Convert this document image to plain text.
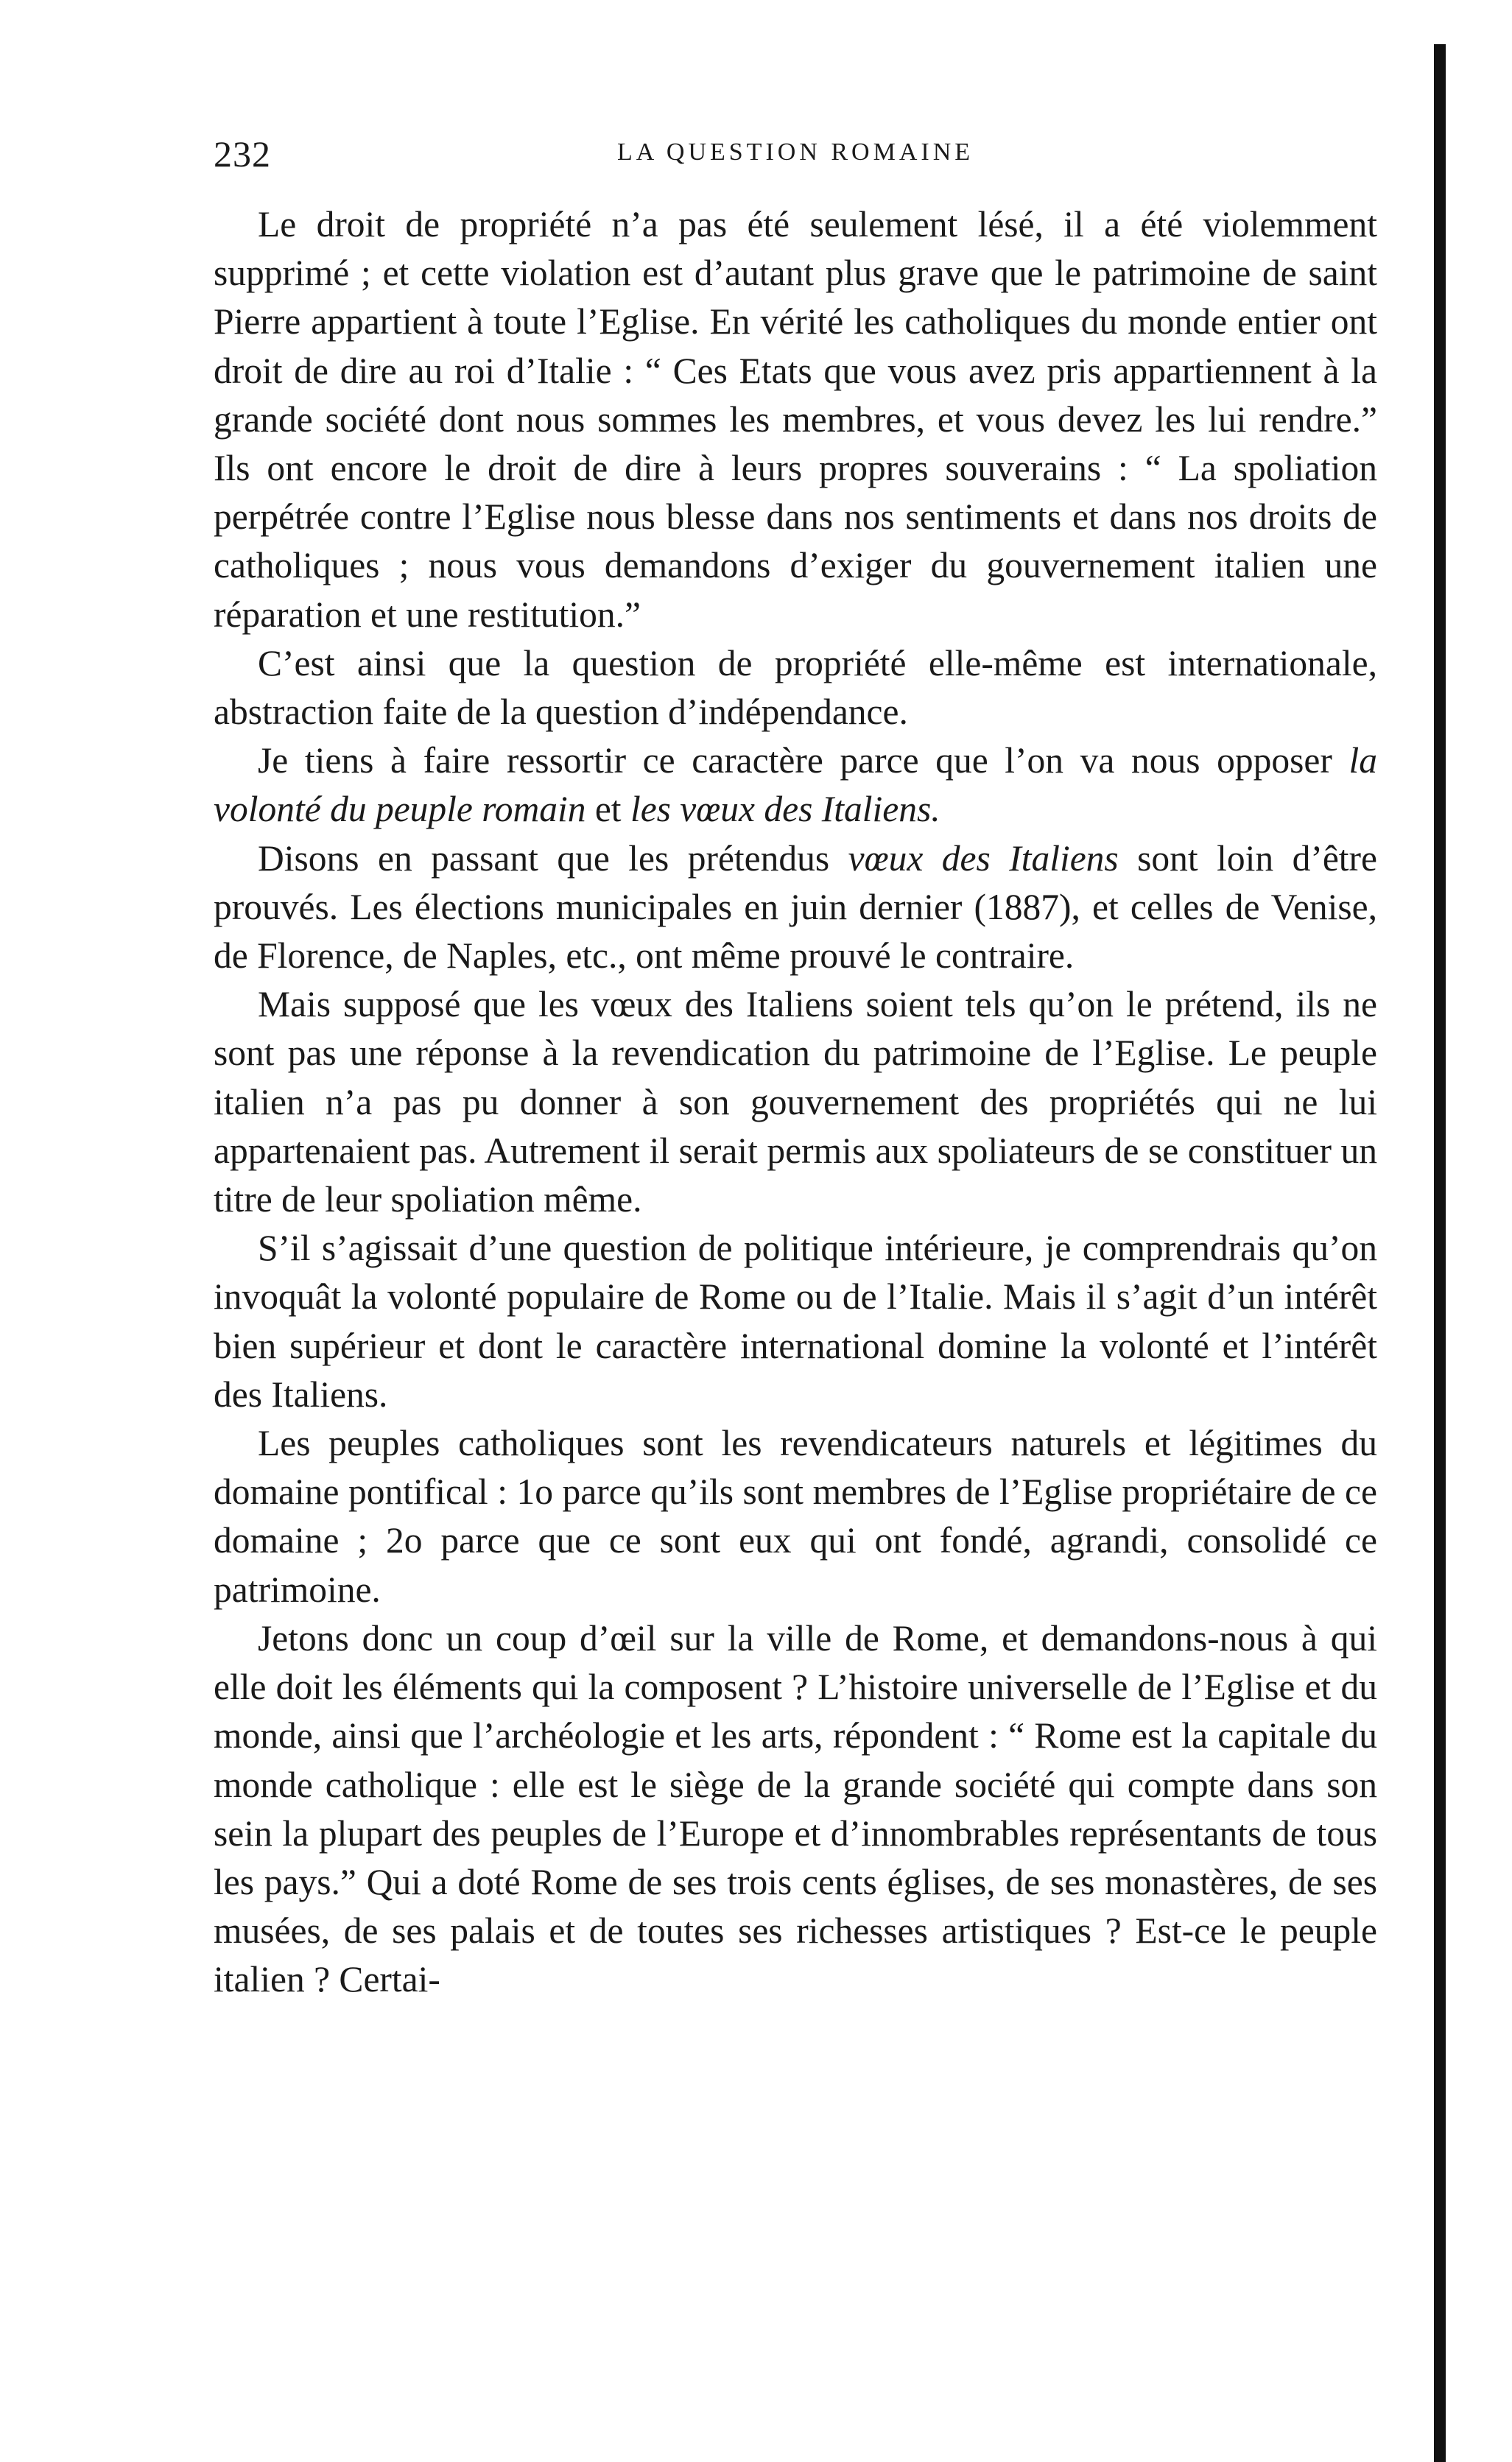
232	LA QUESTION ROMAINE

Le droit de propriété n’a pas été seulement lésé, il a été violemment supprimé ; et cette violation est d’autant plus grave que le patrimoine de saint Pierre appartient à toute l’Eglise. En vérité les catholiques du monde entier ont droit de dire au roi d’Italie : “ Ces Etats que vous avez pris appartiennent à la grande société dont nous sommes les membres, et vous devez les lui rendre.” Ils ont encore le droit de dire à leurs propres souverains : “ La spoliation perpétrée contre l’Eglise nous blesse dans nos sentiments et dans nos droits de catholiques ; nous vous demandons d’exiger du gouvernement italien une réparation et une restitution.”

C’est ainsi que la question de propriété elle-même est internationale, abstraction faite de la question d’indépendance.

Je tiens à faire ressortir ce caractère parce que l’on va nous opposer la volonté du peuple romain et les vœux des Italiens.

Disons en passant que les prétendus vœux des Italiens sont loin d’être prouvés. Les élections municipales en juin dernier (1887), et celles de Venise, de Florence, de Naples, etc., ont même prouvé le contraire.

Mais supposé que les vœux des Italiens soient tels qu’on le prétend, ils ne sont pas une réponse à la revendication du patrimoine de l’Eglise. Le peuple italien n’a pas pu donner à son gouvernement des propriétés qui ne lui appartenaient pas. Autrement il serait permis aux spoliateurs de se constituer un titre de leur spoliation même.

S’il s’agissait d’une question de politique intérieure, je comprendrais qu’on invoquât la volonté populaire de Rome ou de l’Italie. Mais il s’agit d’un intérêt bien supérieur et dont le caractère international domine la volonté et l’intérêt des Italiens.

Les peuples catholiques sont les revendicateurs naturels et légitimes du domaine pontifical : 1o parce qu’ils sont membres de l’Eglise propriétaire de ce domaine ; 2o parce que ce sont eux qui ont fondé, agrandi, consolidé ce patrimoine.

Jetons donc un coup d’œil sur la ville de Rome, et demandons-nous à qui elle doit les éléments qui la composent ? L’histoire universelle de l’Eglise et du monde, ainsi que l’archéologie et les arts, répondent : “ Rome est la capitale du monde catholique : elle est le siège de la grande société qui compte dans son sein la plupart des peuples de l’Europe et d’innombrables représentants de tous les pays.” Qui a doté Rome de ses trois cents églises, de ses monastères, de ses musées, de ses palais et de toutes ses richesses artistiques ? Est-ce le peuple italien ? Certai-
